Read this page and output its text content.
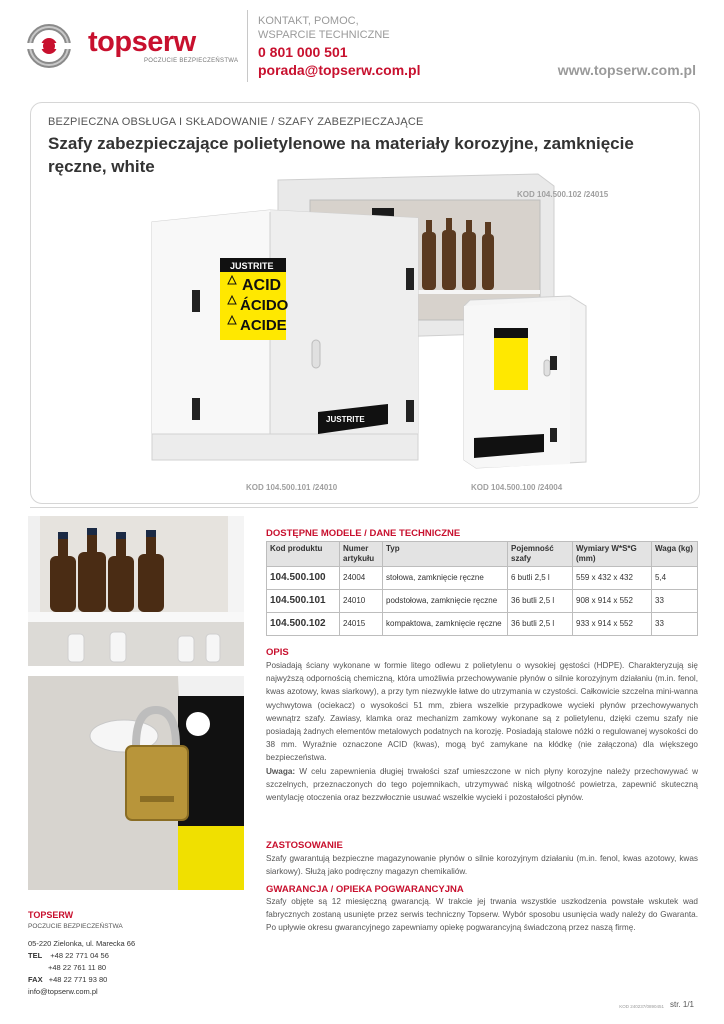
topserw
POCZUCIE BEZPIECZEŃSTWA
KONTAKT, POMOC,
WSPARCIE TECHNICZNE
0 801 000 501
porada@topserw.com.pl	www.topserw.com.pl
BEZPIECZNA OBSŁUGA I SKŁADOWANIE / SZAFY ZABEZPIECZAJĄCE
Szafy zabezpieczające polietylenowe na materiały korozyjne, zamknięcie
ręczne, white
JUSTRITE
ACID
ÁCIDO
ACIDE
JUSTRITE
KOD 104.500.102 /24015
KOD 104.500.101 /24010	KOD 104.500.100 /24004
DOSTĘPNE MODELE / DANE TECHNICZNE
Kod produktu	Numer artykułu	Typ	Pojemność szafy	Wymiary W*S*G (mm)	Waga (kg)
104.500.100	24004	stołowa, zamknięcie ręczne	6 butli 2,5 l	559 x 432 x 432	5,4
104.500.101	24010	podstołowa, zamknięcie ręczne	36 butli 2,5 l	908 x 914 x 552	33
104.500.102	24015	kompaktowa, zamknięcie ręczne	36 butli 2,5 l	933 x 914 x 552	33
OPIS
Posiadają ściany wykonane w formie litego odlewu z polietylenu o wysokiej gęstości (HDPE). Charakteryzują się najwyższą odpornością chemiczną, która umożliwia przechowywanie płynów o silnie korozyjnym działaniu (m.in. fenol, kwas azotowy, kwas siarkowy), a przy tym niezwykle łatwe do utrzymania w czystości. Całkowicie szczelna mini-wanna wychwytowa (ociekacz) o wysokości 51 mm, zbiera wszelkie przypadkowe wycieki płynów przechowywanych wewnątrz szafy. Zawiasy, klamka oraz mechanizm zamkowy wykonane są z polietylenu, dzięki czemu szafy nie posiadają żadnych elementów metalowych podatnych na korozję. Posiadają stalowe nóżki o regulowanej wysokości do 38 mm. Wyraźnie oznaczone ACID (kwas), mogą być zamykane na kłódkę (nie załączona) dla większego bezpieczeństwa.
Uwaga: W celu zapewnienia długiej trwałości szaf umieszczone w nich płyny korozyjne należy przechowywać w szczelnych, przeznaczonych do tego pojemnikach, utrzymywać niską wilgotność powietrza, zapewnić skuteczną wentylację otoczenia oraz bezzwłocznie usuwać wszelkie wycieki i pozostałości płynów.
ZASTOSOWANIE
Szafy gwarantują bezpieczne magazynowanie płynów o silnie korozyjnym działaniu (m.in. fenol, kwas azotowy, kwas siarkowy). Służą jako podręczny magazyn chemikaliów.
GWARANCJA / OPIEKA POGWARANCYJNA
Szafy objęte są 12 miesięczną gwarancją. W trakcie jej trwania wszystkie uszkodzenia powstałe wskutek wad fabrycznych zostaną usunięte przez serwis techniczny Topserw. Wybór sposobu usunięcia wady należy do Gwaranta. Po upływie okresu gwarancyjnego zapewniamy opiekę pogwarancyjną świadczoną przez naszą firmę.
TOPSERW
POCZUCIE BEZPIECZEŃSTWA
05-220 Zielonka, ul. Marecka 66
TEL +48 22 771 04 56
+48 22 761 11 80
FAX +48 22 771 93 80
info@topserw.com.pl
KOD 240237/0890451 str. 1/1
